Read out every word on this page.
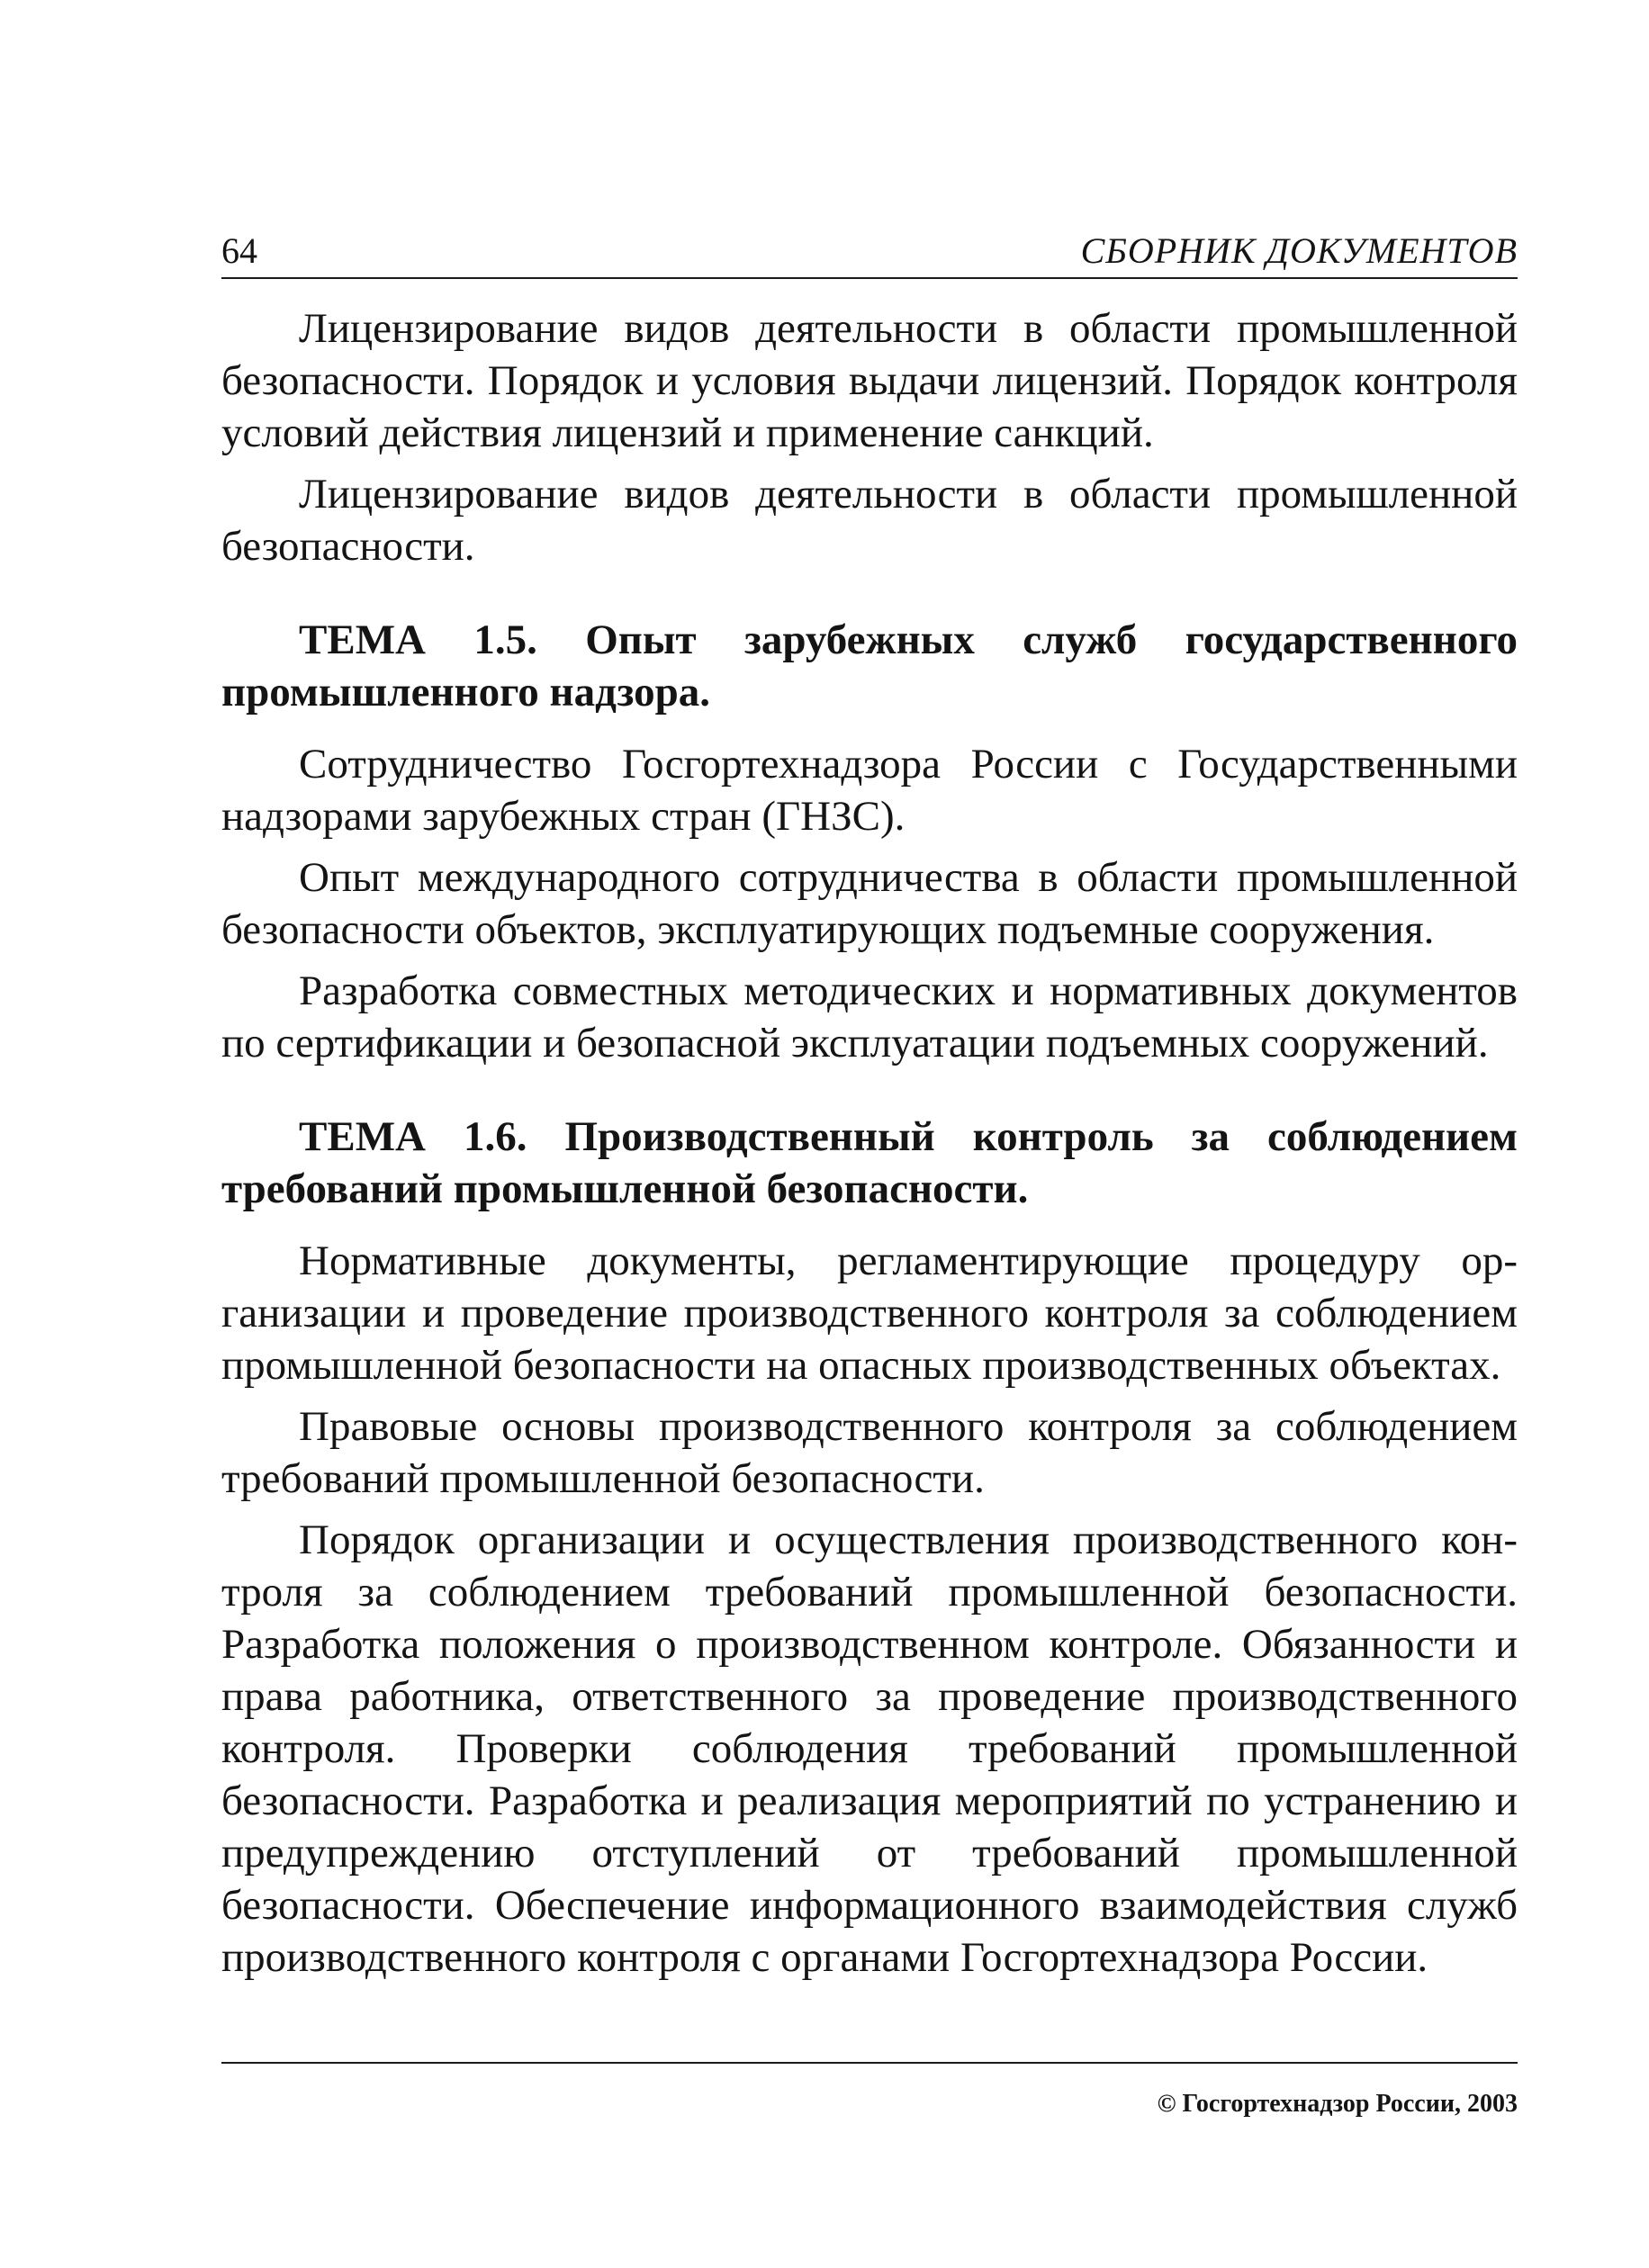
64	СБОРНИК ДОКУМЕНТОВ

Лицензирование видов деятельности в области промышленной безопасности. Порядок и условия выдачи лицензий. Порядок контроля условий действия лицензий и применение санкций.

Лицензирование видов деятельности в области промышленной безопасности.

ТЕМА 1.5. Опыт зарубежных служб государственного промышленного надзора.

Сотрудничество Госгортехнадзора России с Государственными надзорами зарубежных стран (ГНЗС).

Опыт международного сотрудничества в области промышленной безопасности объектов, эксплуатирующих подъемные сооружения.

Разработка совместных методических и нормативных документов по сертификации и безопасной эксплуатации подъемных сооружений.

ТЕМА 1.6. Производственный контроль за соблюдением требований промышленной безопасности.

Нормативные документы, регламентирующие процедуру организации и проведение производственного контроля за соблюдением промышленной безопасности на опасных производственных объектах.

Правовые основы производственного контроля за соблюдением требований промышленной безопасности.

Порядок организации и осуществления производственного контроля за соблюдением требований промышленной безопасности. Разработка положения о производственном контроле. Обязанности и права работника, ответственного за проведение производственного контроля. Проверки соблюдения требований промышленной безопасности. Разработка и реализация мероприятий по устранению и предупреждению отступлений от требований промышленной безопасности. Обеспечение информационного взаимодействия служб производственного контроля с органами Госгортехнадзора России.

© Госгортехнадзор России, 2003
